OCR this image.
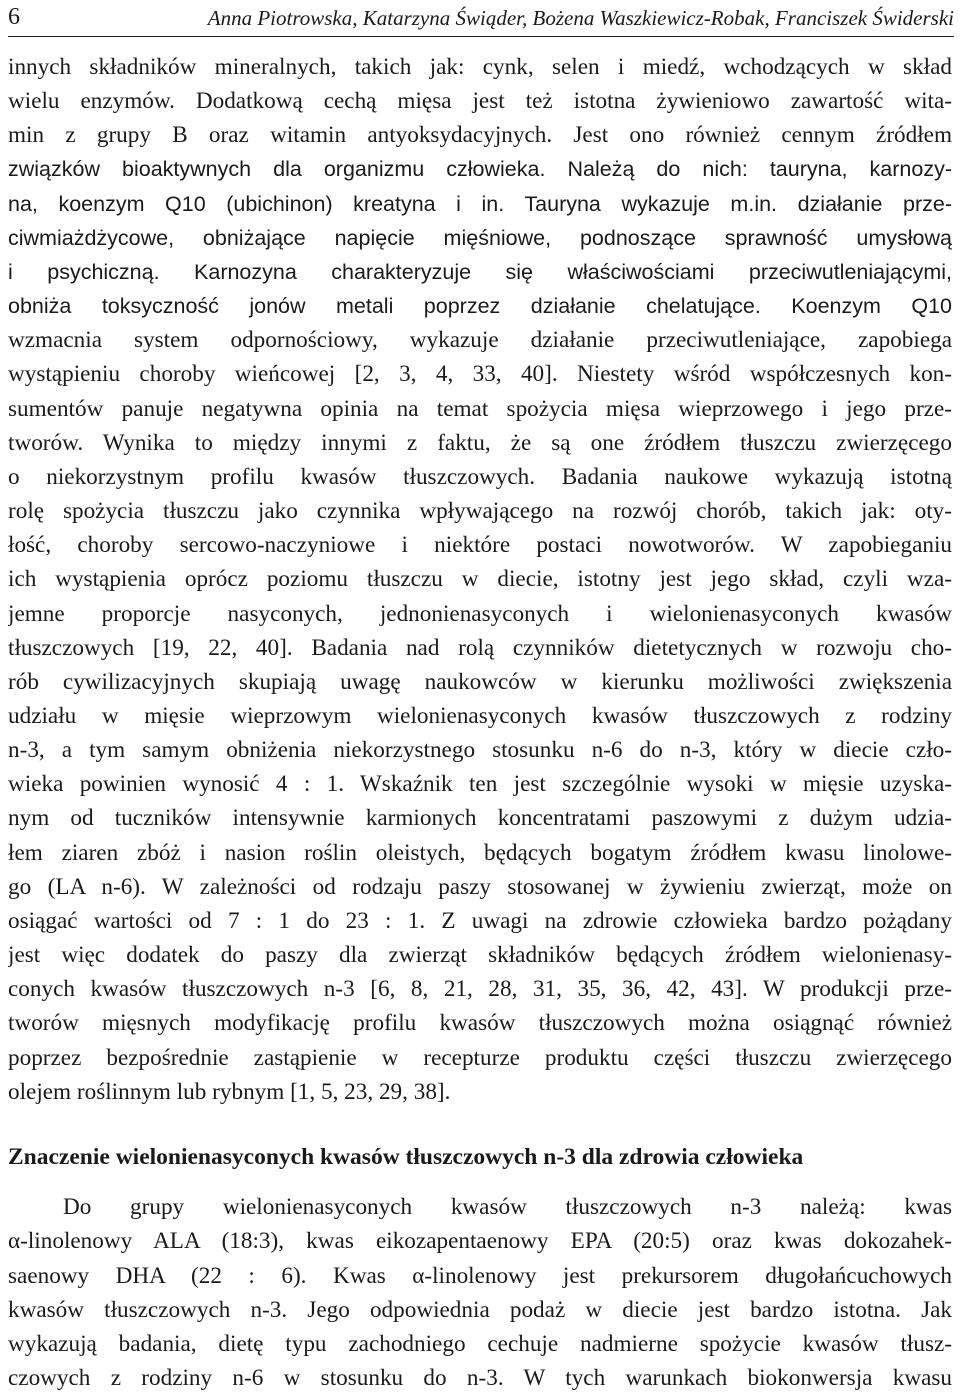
6	Anna Piotrowska, Katarzyna Świąder, Bożena Waszkiewicz-Robak, Franciszek Świderski
innych składników mineralnych, takich jak: cynk, selen i miedź, wchodzących w skład
wielu enzymów. Dodatkową cechą mięsa jest też istotna żywieniowo zawartość wita-
min z grupy B oraz witamin antyoksydacyjnych. Jest ono również cennym źródłem
związków bioaktywnych dla organizmu człowieka. Należą do nich: tauryna, karnozy-
na, koenzym Q10 (ubichinon) kreatyna i in. Tauryna wykazuje m.in. działanie prze-
ciwmiażdżycowe, obniżające napięcie mięśniowe, podnoszące sprawność umysłową
i psychiczną. Karnozyna charakteryzuje się właściwościami przeciwutleniającymi,
obniża toksyczność jonów metali poprzez działanie chelatujące. Koenzym Q10
wzmacnia system odpornościowy, wykazuje działanie przeciwutleniające, zapobiega
wystąpieniu choroby wieńcowej [2, 3, 4, 33, 40]. Niestety wśród współczesnych kon-
sumentów panuje negatywna opinia na temat spożycia mięsa wieprzowego i jego prze-
tworów. Wynika to między innymi z faktu, że są one źródłem tłuszczu zwierzęcego
o niekorzystnym profilu kwasów tłuszczowych. Badania naukowe wykazują istotną
rolę spożycia tłuszczu jako czynnika wpływającego na rozwój chorób, takich jak: oty-
łość, choroby sercowo-naczyniowe i niektóre postaci nowotworów. W zapobieganiu
ich wystąpienia oprócz poziomu tłuszczu w diecie, istotny jest jego skład, czyli wza-
jemne proporcje nasyconych, jednonienasyconych i wielonienasyconych kwasów
tłuszczowych [19, 22, 40]. Badania nad rolą czynników dietetycznych w rozwoju cho-
rób cywilizacyjnych skupiają uwagę naukowców w kierunku możliwości zwiększenia
udziału w mięsie wieprzowym wielonienasyconych kwasów tłuszczowych z rodziny
n-3, a tym samym obniżenia niekorzystnego stosunku n-6 do n-3, który w diecie czło-
wieka powinien wynosić 4 : 1. Wskaźnik ten jest szczególnie wysoki w mięsie uzyska-
nym od tuczników intensywnie karmionych koncentratami paszowymi z dużym udzia-
łem ziaren zbóż i nasion roślin oleistych, będących bogatym źródłem kwasu linolowe-
go (LA n-6). W zależności od rodzaju paszy stosowanej w żywieniu zwierząt, może on
osiągać wartości od 7 : 1 do 23 : 1. Z uwagi na zdrowie człowieka bardzo pożądany
jest więc dodatek do paszy dla zwierząt składników będących źródłem wielonienasy-
conych kwasów tłuszczowych n-3 [6, 8, 21, 28, 31, 35, 36, 42, 43]. W produkcji prze-
tworów mięsnych modyfikację profilu kwasów tłuszczowych można osiągnąć również
poprzez bezpośrednie zastąpienie w recepturze produktu części tłuszczu zwierzęcego
olejem roślinnym lub rybnym [1, 5, 23, 29, 38].
Znaczenie wielonienasyconych kwasów tłuszczowych n-3 dla zdrowia człowieka
Do grupy wielonienasyconych kwasów tłuszczowych n-3 należą: kwas
α-linolenowy ALA (18:3), kwas eikozapentaenowy EPA (20:5) oraz kwas dokozahek-
saenowy DHA (22 : 6). Kwas α-linolenowy jest prekursorem długołańcuchowych
kwasów tłuszczowych n-3. Jego odpowiednia podaż w diecie jest bardzo istotna. Jak
wykazują badania, dietę typu zachodniego cechuje nadmierne spożycie kwasów tłusz-
czowych z rodziny n-6 w stosunku do n-3. W tych warunkach biokonwersja kwasu
